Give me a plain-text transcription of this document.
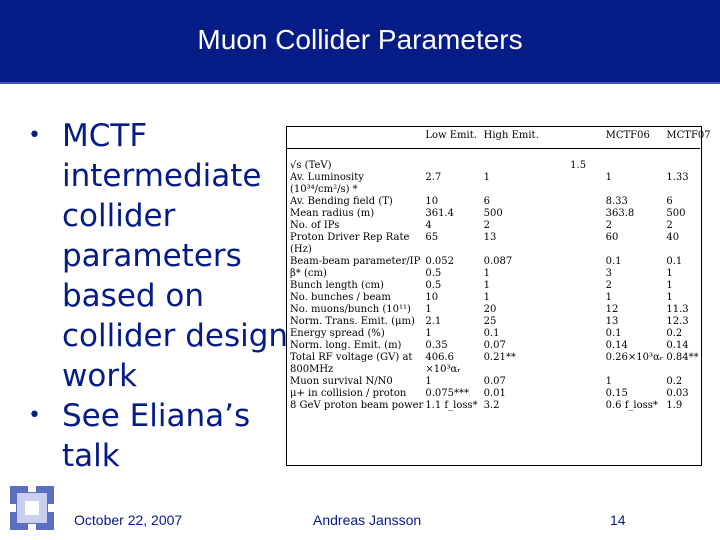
Muon Collider Parameters
• MCTF intermediate collider parameters based on collider design work
• See Eliana’s talk
	Low Emit.	High Emit.	MCTF06	MCTF07

√s (TeV)		1.5		
Av. Luminosity	2.7	1	1	1.33
(10³⁴/cm²/s) *				
Av. Bending field (T)	10	6	8.33	6
Mean radius (m)	361.4	500	363.8	500
No. of IPs	4	2	2	2
Proton Driver Rep Rate	65	13	60	40
(Hz)				
Beam-beam parameter/IP	0.052	0.087	0.1	0.1
β* (cm)	0.5	1	3	1
Bunch length (cm)	0.5	1	2	1
No. bunches / beam	10	1	1	1
No. muons/bunch (10¹¹)	1	20	12	11.3
Norm. Trans. Emit. (μm)	2.1	25	13	12.3
Energy spread (%)	1	0.1	0.1	0.2
Norm. long. Emit. (m)	0.35	0.07	0.14	0.14
Total RF voltage (GV) at	406.6	0.21**	0.26×10³αᵣ	0.84**
800MHz	×10³αᵣ			
Muon survival N/N0	1	0.07	1	0.2
μ+ in collision / proton	0.075***	0.01	0.15	0.03
8 GeV proton beam power	1.1 f_loss*	3.2	0.6 f_loss*	1.9
October 22, 2007	Andreas Jansson	14
